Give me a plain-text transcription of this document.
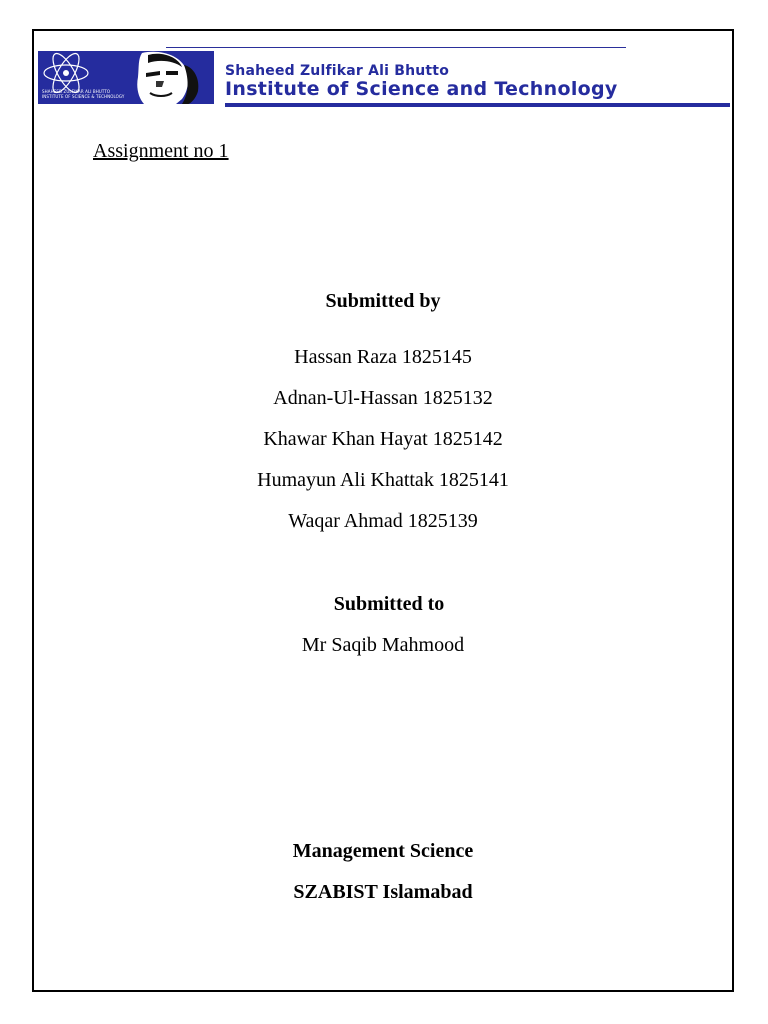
SHAHEED ZULFIKAR ALI BHUTTO
INSTITUTE OF SCIENCE & TECHNOLOGY
Shaheed Zulfikar Ali Bhutto
Institute of Science and Technology
Assignment no 1
Submitted by
Hassan Raza 1825145
Adnan-Ul-Hassan 1825132
Khawar Khan Hayat 1825142
Humayun Ali Khattak 1825141
Waqar Ahmad 1825139
Submitted to
Mr Saqib Mahmood
Management Science
SZABIST Islamabad
